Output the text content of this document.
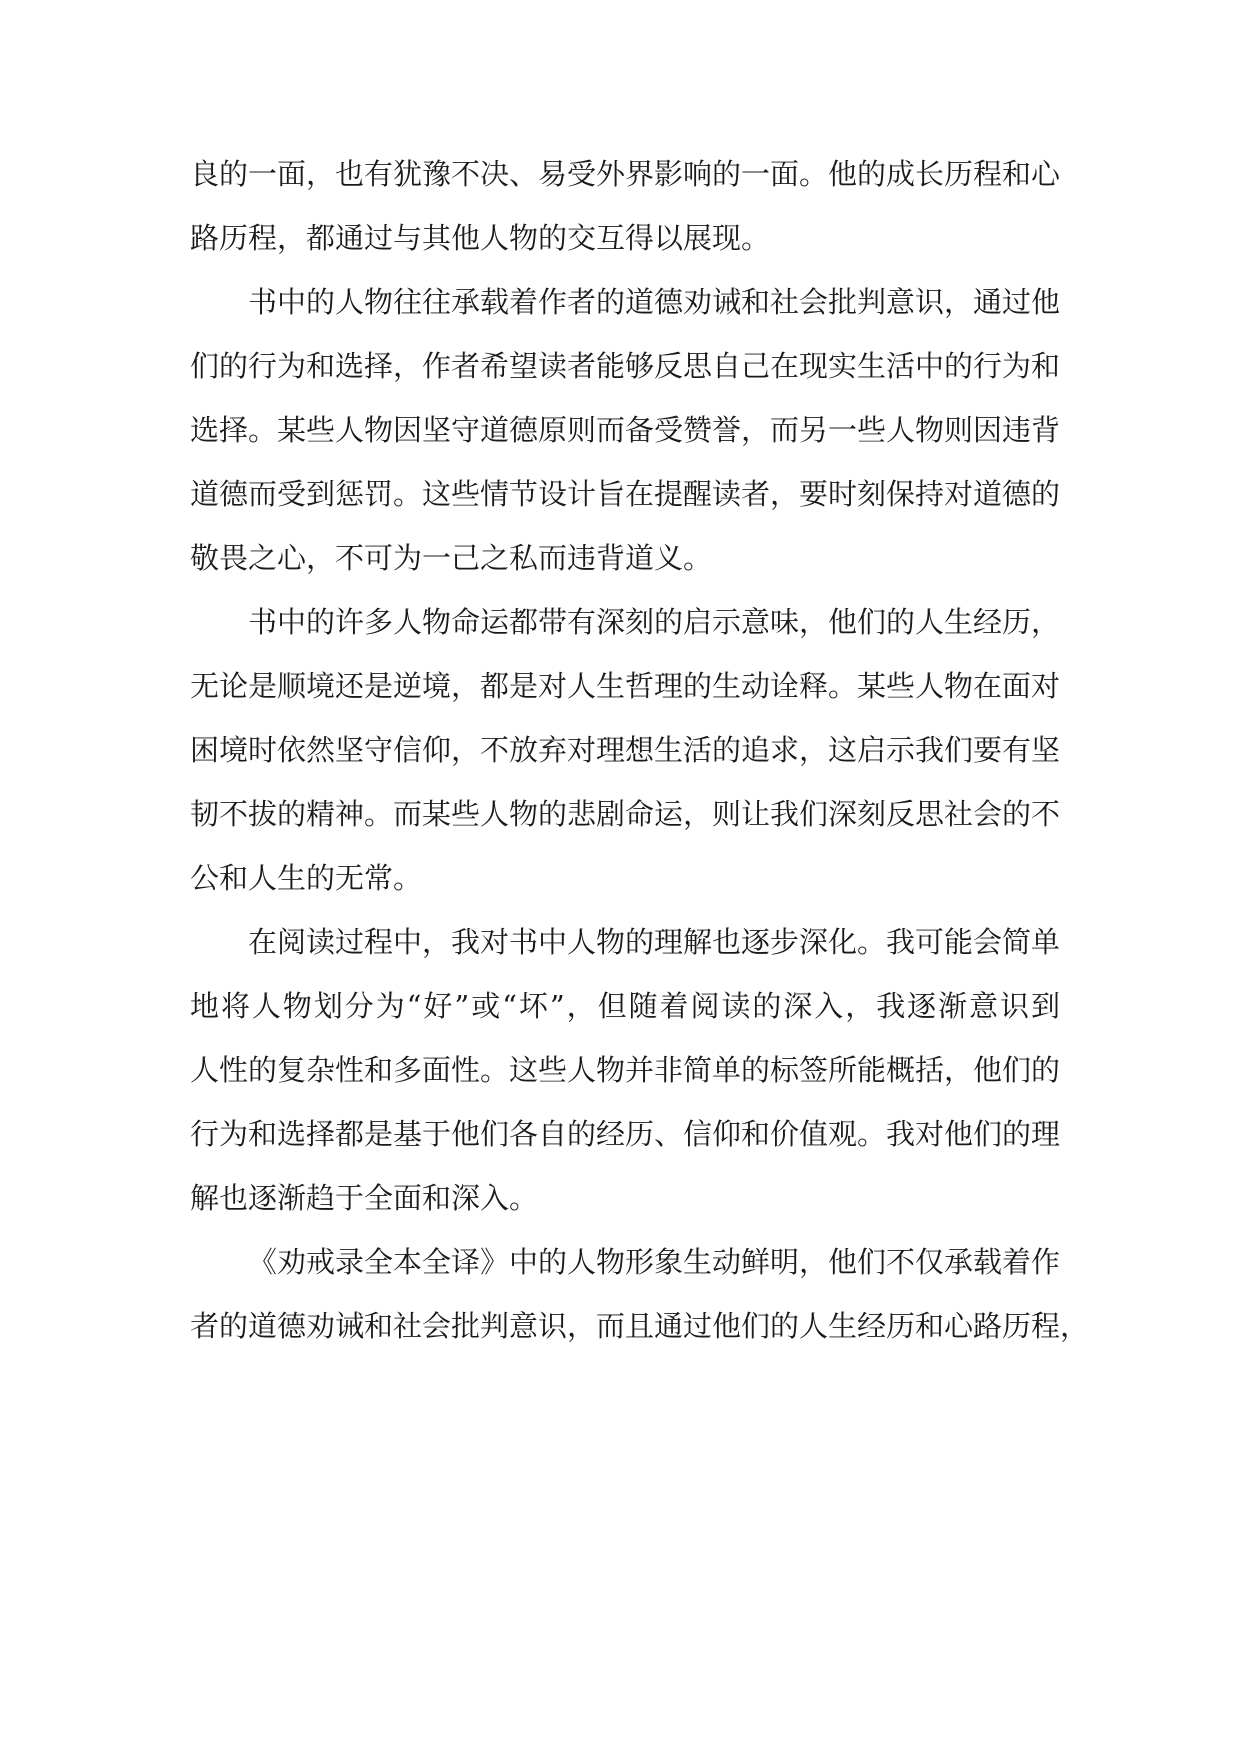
良的一面，也有犹豫不决、易受外界影响的一面。他的成长历程和心
路历程，都通过与其他人物的交互得以展现。
书中的人物往往承载着作者的道德劝诫和社会批判意识，通过他
们的行为和选择，作者希望读者能够反思自己在现实生活中的行为和
选择。某些人物因坚守道德原则而备受赞誉，而另一些人物则因违背
道德而受到惩罚。这些情节设计旨在提醒读者，要时刻保持对道德的
敬畏之心，不可为一己之私而违背道义。
书中的许多人物命运都带有深刻的启示意味，他们的人生经历，
无论是顺境还是逆境，都是对人生哲理的生动诠释。某些人物在面对
困境时依然坚守信仰，不放弃对理想生活的追求，这启示我们要有坚
韧不拔的精神。而某些人物的悲剧命运，则让我们深刻反思社会的不
公和人生的无常。
在阅读过程中，我对书中人物的理解也逐步深化。我可能会简单
地将人物划分为“好”或“坏”，但随着阅读的深入，我逐渐意识到
人性的复杂性和多面性。这些人物并非简单的标签所能概括，他们的
行为和选择都是基于他们各自的经历、信仰和价值观。我对他们的理
解也逐渐趋于全面和深入。
《劝戒录全本全译》中的人物形象生动鲜明，他们不仅承载着作
者的道德劝诫和社会批判意识，而且通过他们的人生经历和心路历程，
